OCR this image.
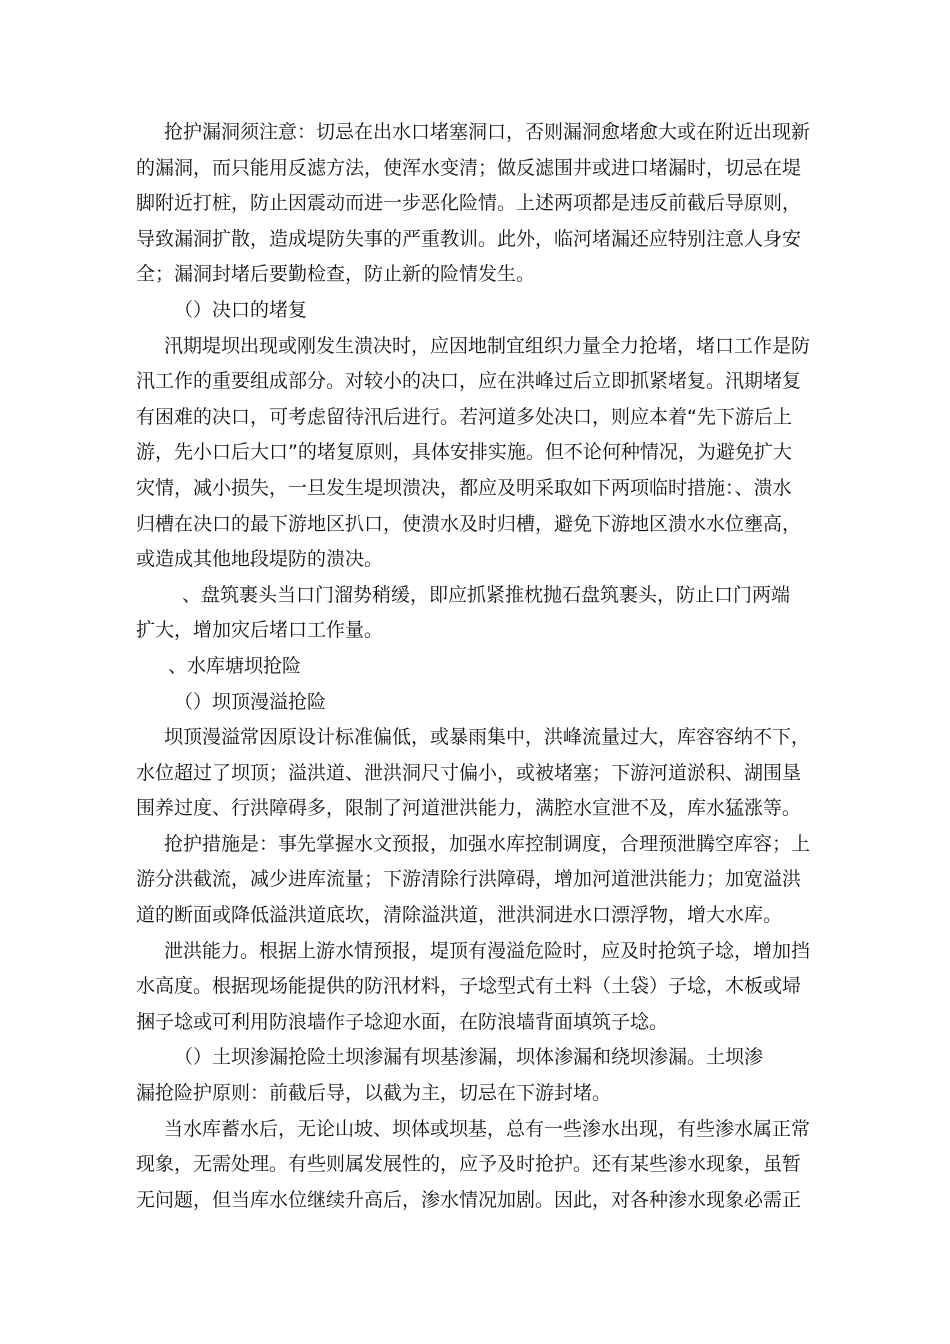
抢护漏洞须注意：切忌在出水口堵塞洞口，否则漏洞愈堵愈大或在附近出现新
的漏洞，而只能用反滤方法，使浑水变清；做反滤围井或进口堵漏时，切忌在堤
脚附近打桩，防止因震动而进一步恶化险情。上述两项都是违反前截后导原则，
导致漏洞扩散，造成堤防失事的严重教训。此外，临河堵漏还应特别注意人身安
全；漏洞封堵后要勤检查，防止新的险情发生。
（）决口的堵复
汛期堤坝出现或刚发生溃决时，应因地制宜组织力量全力抢堵，堵口工作是防
汛工作的重要组成部分。对较小的决口，应在洪峰过后立即抓紧堵复。汛期堵复
有困难的决口，可考虑留待汛后进行。若河道多处决口，则应本着“先下游后上
游，先小口后大口”的堵复原则，具体安排实施。但不论何种情况，为避免扩大
灾情，减小损失，一旦发生堤坝溃决，都应及明采取如下两项临时措施：、溃水
归槽在决口的最下游地区扒口，使溃水及时归槽，避免下游地区溃水水位壅高，
或造成其他地段堤防的溃决。
、盘筑裹头当口门溜势稍缓，即应抓紧推枕抛石盘筑裹头，防止口门两端
扩大，增加灾后堵口工作量。
、水库塘坝抢险
（）坝顶漫溢抢险
坝顶漫溢常因原设计标准偏低，或暴雨集中，洪峰流量过大，库容容纳不下，
水位超过了坝顶；溢洪道、泄洪洞尺寸偏小，或被堵塞；下游河道淤积、湖围垦
围养过度、行洪障碍多，限制了河道泄洪能力，满腔水宣泄不及，库水猛涨等。
抢护措施是：事先掌握水文预报，加强水库控制调度，合理预泄腾空库容；上
游分洪截流，减少进库流量；下游清除行洪障碍，增加河道泄洪能力；加宽溢洪
道的断面或降低溢洪道底坎，清除溢洪道，泄洪洞进水口漂浮物，增大水库。
泄洪能力。根据上游水情预报，堤顶有漫溢危险时，应及时抢筑子埝，增加挡
水高度。根据现场能提供的防汛材料，子埝型式有土料（土袋）子埝，木板或埽
捆子埝或可利用防浪墙作子埝迎水面，在防浪墙背面填筑子埝。
（）土坝渗漏抢险土坝渗漏有坝基渗漏，坝体渗漏和绕坝渗漏。土坝渗
漏抢险护原则：前截后导，以截为主，切忌在下游封堵。
当水库蓄水后，无论山坡、坝体或坝基，总有一些渗水出现，有些渗水属正常
现象，无需处理。有些则属发展性的，应予及时抢护。还有某些渗水现象，虽暂
无问题，但当库水位继续升高后，渗水情况加剧。因此，对各种渗水现象必需正
